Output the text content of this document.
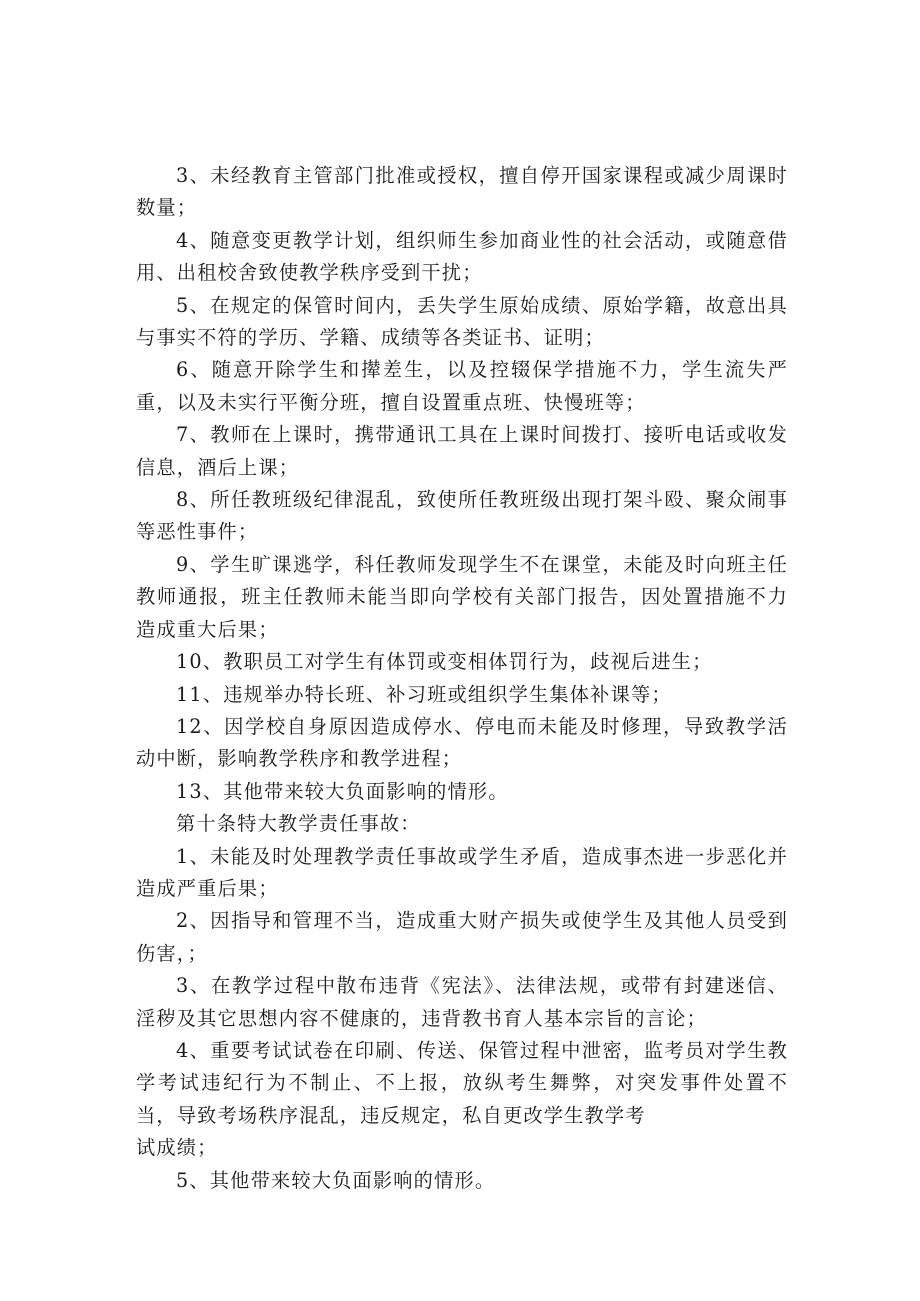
3、未经教育主管部门批准或授权，擅自停开国家课程或减少周课时数量；

4、随意变更教学计划，组织师生参加商业性的社会活动，或随意借用、出租校舍致使教学秩序受到干扰；

5、在规定的保管时间内，丢失学生原始成绩、原始学籍，故意出具与事实不符的学历、学籍、成绩等各类证书、证明；

6、随意开除学生和撵差生，以及控辍保学措施不力，学生流失严重，以及未实行平衡分班，擅自设置重点班、快慢班等；

7、教师在上课时，携带通讯工具在上课时间拨打、接听电话或收发信息，酒后上课；

8、所任教班级纪律混乱，致使所任教班级出现打架斗殴、聚众闹事等恶性事件；

9、学生旷课逃学，科任教师发现学生不在课堂，未能及时向班主任教师通报，班主任教师未能当即向学校有关部门报告，因处置措施不力造成重大后果；

10、教职员工对学生有体罚或变相体罚行为，歧视后进生；

11、违规举办特长班、补习班或组织学生集体补课等；

12、因学校自身原因造成停水、停电而未能及时修理，导致教学活动中断，影响教学秩序和教学进程；

13、其他带来较大负面影响的情形。

第十条特大教学责任事故：

1、未能及时处理教学责任事故或学生矛盾，造成事杰进一步恶化并造成严重后果；

2、因指导和管理不当，造成重大财产损失或使学生及其他人员受到伤害，；

3、在教学过程中散布违背《宪法》、法律法规，或带有封建迷信、淫秽及其它思想内容不健康的，违背教书育人基本宗旨的言论；

4、重要考试试卷在印刷、传送、保管过程中泄密，监考员对学生教学考试违纪行为不制止、不上报，放纵考生舞弊，对突发事件处置不当，导致考场秩序混乱，违反规定，私自更改学生教学考

试成绩；

5、其他带来较大负面影响的情形。
